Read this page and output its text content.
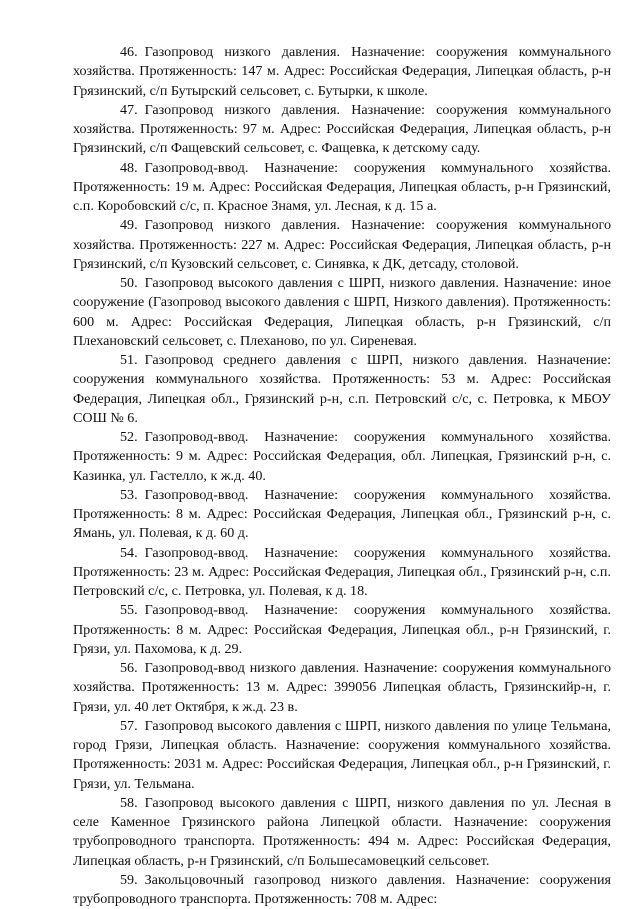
46. Газопровод низкого давления. Назначение: сооружения коммунального хозяйства. Протяженность: 147 м. Адрес: Российская Федерация, Липецкая область, р-н Грязинский, с/п Бутырский сельсовет, с. Бутырки, к школе.

47. Газопровод низкого давления. Назначение: сооружения коммунального хозяйства. Протяженность: 97 м. Адрес: Российская Федерация, Липецкая область, р-н Грязинский, с/п Фащевский сельсовет, с. Фащевка, к детскому саду.

48. Газопровод-ввод. Назначение: сооружения коммунального хозяйства. Протяженность: 19 м. Адрес: Российская Федерация, Липецкая область, р-н Грязинский, с.п. Коробовский с/с, п. Красное Знамя, ул. Лесная, к д. 15 а.

49. Газопровод низкого давления. Назначение: сооружения коммунального хозяйства. Протяженность: 227 м. Адрес: Российская Федерация, Липецкая область, р-н Грязинский, с/п Кузовский сельсовет, с. Синявка, к ДК, детсаду, столовой.

50. Газопровод высокого давления с ШРП, низкого давления. Назначение: иное сооружение (Газопровод высокого давления с ШРП, Низкого давления). Протяженность: 600 м. Адрес: Российская Федерация, Липецкая область, р-н Грязинский, с/п Плехановский сельсовет, с. Плеханово, по ул. Сиреневая.

51. Газопровод среднего давления с ШРП, низкого давления. Назначение: сооружения коммунального хозяйства. Протяженность: 53 м. Адрес: Российская Федерация, Липецкая обл., Грязинский р-н, с.п. Петровский с/с, с. Петровка, к МБОУ СОШ № 6.

52. Газопровод-ввод. Назначение: сооружения коммунального хозяйства. Протяженность: 9 м. Адрес: Российская Федерация, обл. Липецкая, Грязинский р-н, с. Казинка, ул. Гастелло, к ж.д. 40.

53. Газопровод-ввод. Назначение: сооружения коммунального хозяйства. Протяженность: 8 м. Адрес: Российская Федерация, Липецкая обл., Грязинский р-н, с. Ямань, ул. Полевая, к д. 60 д.

54. Газопровод-ввод. Назначение: сооружения коммунального хозяйства. Протяженность: 23 м. Адрес: Российская Федерация, Липецкая обл., Грязинский р-н, с.п. Петровский с/с, с. Петровка, ул. Полевая, к д. 18.

55. Газопровод-ввод. Назначение: сооружения коммунального хозяйства. Протяженность: 8 м. Адрес: Российская Федерация, Липецкая обл., р-н Грязинский, г. Грязи, ул. Пахомова, к д. 29.

56. Газопровод-ввод низкого давления. Назначение: сооружения коммунального хозяйства. Протяженность: 13 м. Адрес: 399056 Липецкая область, Грязинскийр-н, г. Грязи, ул. 40 лет Октября, к ж.д. 23 в.

57. Газопровод высокого давления с ШРП, низкого давления по улице Тельмана, город Грязи, Липецкая область. Назначение: сооружения коммунального хозяйства. Протяженность: 2031 м. Адрес: Российская Федерация, Липецкая обл., р-н Грязинский, г. Грязи, ул. Тельмана.

58. Газопровод высокого давления с ШРП, низкого давления по ул. Лесная в селе Каменное Грязинского района Липецкой области. Назначение: сооружения трубопроводного транспорта. Протяженность: 494 м. Адрес: Российская Федерация, Липецкая область, р-н Грязинский, с/п Большесамовецкий сельсовет.

59. Закольцовочный газопровод низкого давления. Назначение: сооружения трубопроводного транспорта. Протяженность: 708 м. Адрес:
